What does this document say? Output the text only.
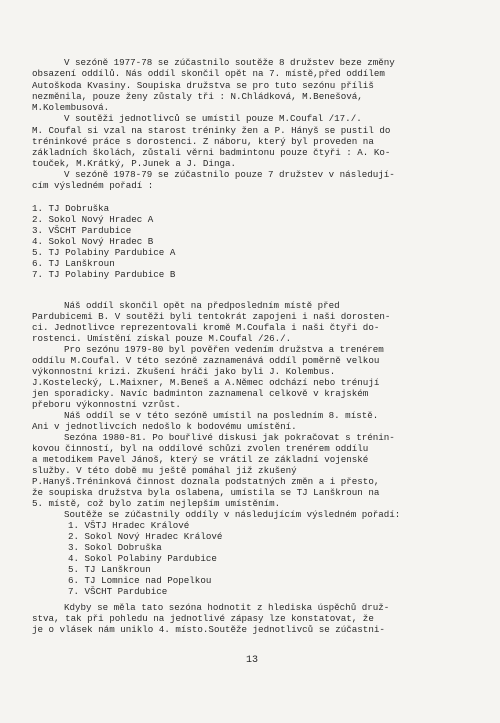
V sezóně 1977-78 se zúčastnilo soutěže 8 družstev beze změny
obsazení oddílů. Nás oddíl skončil opět na 7. místě,před oddílem
Autoškoda Kvasiny. Soupiska družstva se pro tuto sezónu příliš
nezměnila, pouze ženy zůstaly tři : N.Chládková, M.Benešová,
M.Kolembusová.
V soutěži jednotlivců se umístil pouze M.Coufal /17./.
M. Coufal si vzal na starost tréninky žen a P. Hányš se pustil do
tréninkové práce s dorostenci. Z náboru, který byl proveden na
základních školách, zůstali věrni badmintonu pouze čtyři : A. Ko-
touček, M.Krátký, P.Junek a J. Dinga.
V sezóně 1978-79 se zúčastnilo pouze 7 družstev v následují-
cím výsledném pořadí :
1. TJ Dobruška
2. Sokol Nový Hradec A
3. VŠCHT Pardubice
4. Sokol Nový Hradec B
5. TJ Polabiny Pardubice A
6. TJ Lanškroun
7. TJ Polabiny Pardubice B
Náš oddíl skončil opět na předposledním místě před
Pardubicemi B. V soutěži byli tentokrát zapojeni i naši dorosten-
ci. Jednotlivce reprezentovali kromě M.Coufala i naši čtyři do-
rostenci. Umístění získal pouze M.Coufal /26./.
Pro sezónu 1979-80 byl pověřen vedením družstva a trenérem
oddílu M.Coufal. V této sezóně zaznamenává oddíl poměrně velkou
výkonnostní krizi. Zkušení hráči jako byli J. Kolembus.
J.Kostelecký, L.Maixner, M.Beneš a A.Němec odchází nebo trénují
jen sporadicky. Navíc badminton zaznamenal celkově v krajském
přeboru výkonnostní vzrůst.
Náš oddíl se v této sezóně umístil na posledním 8. místě.
Ani v jednotlivcích nedošlo k bodovému umístění.
Sezóna 1980-81. Po bouřlivé diskusi jak pokračovat s trénin-
kovou činností, byl na oddílové schůzi zvolen trenérem oddílu
a metodikem Pavel Jánoš, který se vrátil ze základní vojenské
služby. V této době mu ještě pomáhal již zkušený
P.Hanyš.Tréninková činnost doznala podstatných změn a i přesto,
že soupiska družstva byla oslabena, umístila se TJ Lanškroun na
5. místě, což bylo zatím nejlepším umístěním.
Soutěže se zúčastnily oddíly v následujícím výsledném pořadí:
1. VŠTJ Hradec Králové
2. Sokol Nový Hradec Králové
3. Sokol Dobruška
4. Sokol Polabiny Pardubice
5. TJ Lanškroun
6. TJ Lomnice nad Popelkou
7. VŠCHT Pardubice
Kdyby se měla tato sezóna hodnotit z hlediska úspěchů druž-
stva, tak při pohledu na jednotlivé zápasy lze konstatovat, že
je o vlásek nám uniklo 4. místo.Soutěže jednotlivců se zúčastni-
13
